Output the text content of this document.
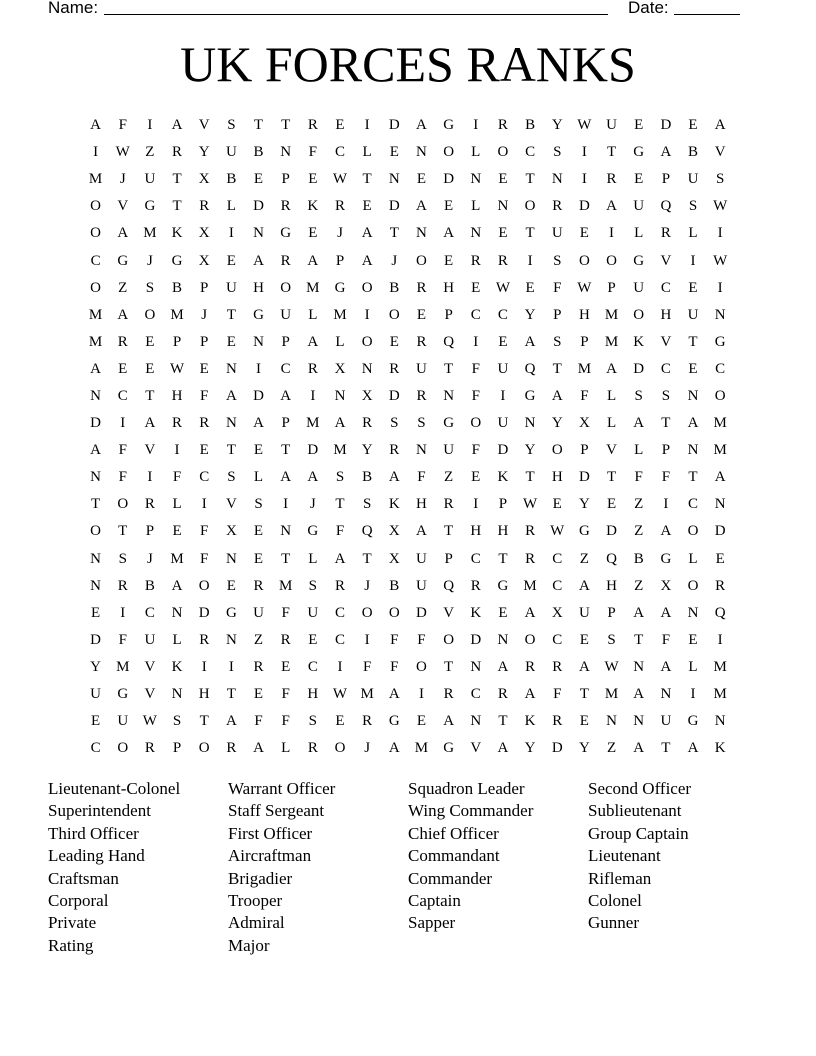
Name:	Date:
UK FORCES RANKS
A	F	I	A	V	S	T	T	R	E	I	D	A	G	I	R	B	Y W U	E	D	E	A
I	W	Z	R	Y	U	B	N	F	C	L	E	N	O	L	O	C	S	I	T	G	A	B	V
M	J	U	T	X	B	E	P	E	W	T	N	E	D	N	E	T	N	I	R	E	P	U	S
O	V	G	T	R	L	D	R	K	R	E	D	A	E	L	N	O	R	D	A	U	Q	S	W
O	A	M	K	X	I	N	G	E	J	A	T	N	A	N	E	T	U	E	I	L	R	L	I
C	G	J	G	X	E	A	R	A	P	A	J	O	E	R	R	I	S	O	O	G	V	I	W
O	Z	S	B	P	U	H	O	M	G	O	B	R	H	E	W	E	F	W	P	U	C	E	I
M	A	O	M	J	T	G	U	L	M	I	O	E	P	C	C	Y	P	H	M	O	H	U	N
M	R	E	P	P	E	N	P	A	L	O	E	R	Q	I	E	A	S	P	M	K	V	T	G
A	E	E	W	E	N	I	C	R	X	N	R	U	T	F	U	Q	T	M	A	D	C	E	C
N	C	T	H	F	A	D	A	I	N	X	D	R	N	F	I	G	A	F	L	S	S	N	O
D	I	A	R	R	N	A	P	M	A	R	S	S	G	O	U	N	Y	X	L	A	T	A	M
A	F	V	I	E	T	E	T	D	M	Y	R	N	U	F	D	Y	O	P	V	L	P	N	M
N	F	I	F	C	S	L	A	A	S	B	A	F	Z	E	K	T	H	D	T	F	F	T	A
T	O	R	L	I	V	S	I	J	T	S	K	H	R	I	P	W	E	Y	E	Z	I	C	N
O	T	P	E	F	X	E	N	G	F	Q	X	A	T	H	H	R	W G	D	Z	A	O	D
N	S	J	M	F	N	E	T	L	A	T	X	U	P	C	T	R	C	Z	Q	B	G	L	E
N	R	B	A	O	E	R	M	S	R	J	B	U	Q	R	G	M	C	A	H	Z	X	O	R
E	I	C	N	D	G	U	F	U	C	O	O	D	V	K	E	A	X	U	P	A	A	N	Q
D	F	U	L	R	N	Z	R	E	C	I	F	F	O	D	N	O	C	E	S	T	F	E	I
Y	M	V	K	I	I	R	E	C	I	F	F	O	T	N	A	R	R	A W N	A	L	M
U	G	V	N	H	T	E	F	H W M	A	I	R	C	R	A	F	T	M	A	N	I	M
E	U W	S	T	A	F	F	S	E	R	G	E	A	N	T	K	R	E	N	N	U	G	N
C	O	R	P	O	R	A	L	R	O	J	A	M	G	V	A	Y	D	Y	Z	A	T	A	K
Lieutenant-Colonel
Superintendent
Third Officer
Leading Hand
Craftsman
Corporal
Private
Rating
Warrant Officer
Staff Sergeant
First Officer
Aircraftman
Brigadier
Trooper
Admiral
Major
Squadron Leader
Wing Commander
Chief Officer
Commandant
Commander
Captain
Sapper
Second Officer
Sublieutenant
Group Captain
Lieutenant
Rifleman
Colonel
Gunner
